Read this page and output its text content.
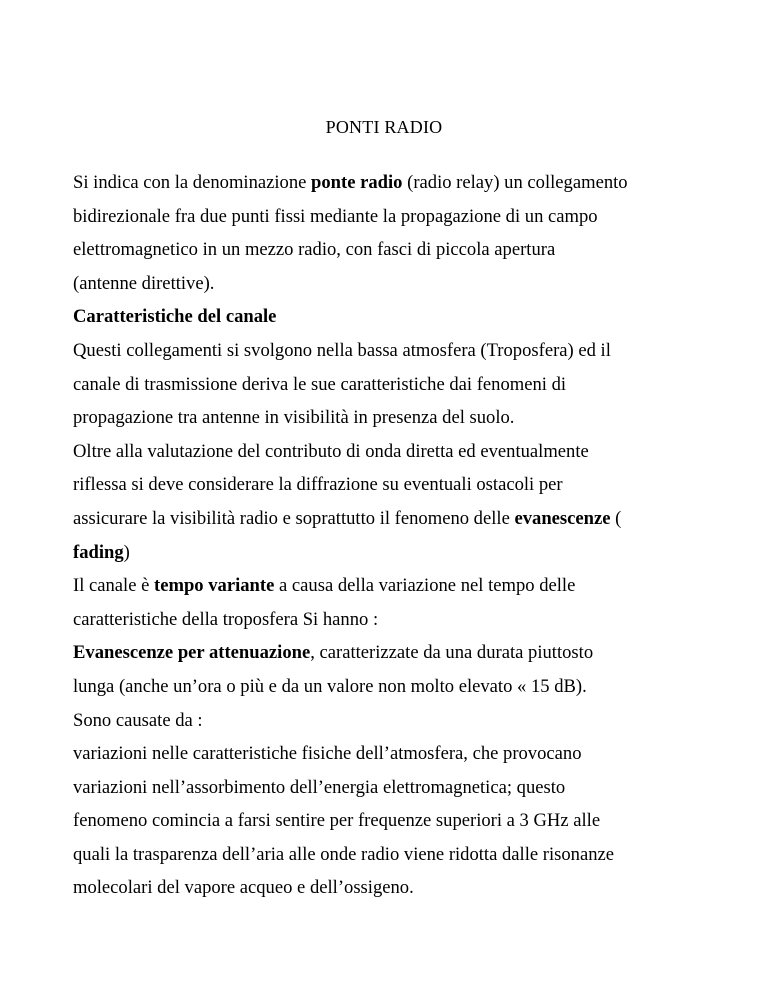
PONTI RADIO

Si indica con la denominazione ponte radio (radio relay) un collegamento
bidirezionale fra due punti fissi mediante la propagazione di un campo
elettromagnetico in un mezzo radio, con fasci di piccola apertura
(antenne direttive).

Caratteristiche del canale

Questi collegamenti si svolgono nella bassa atmosfera (Troposfera) ed il
canale di trasmissione deriva le sue caratteristiche dai fenomeni di
propagazione tra antenne in visibilità in presenza del suolo.

Oltre alla valutazione del contributo di onda diretta ed eventualmente
riflessa si deve considerare la diffrazione su eventuali ostacoli per
assicurare la visibilità radio e soprattutto il fenomeno delle evanescenze (
fading)

Il canale è tempo variante a causa della variazione nel tempo delle
caratteristiche della troposfera Si hanno :

Evanescenze per attenuazione, caratterizzate da una durata piuttosto
lunga (anche un’ora o più e da un valore non molto elevato « 15 dB).
Sono causate da :

variazioni nelle caratteristiche fisiche dell’atmosfera, che provocano
variazioni nell’assorbimento dell’energia elettromagnetica; questo
fenomeno comincia a farsi sentire per frequenze superiori a 3 GHz alle
quali la trasparenza dell’aria alle onde radio viene ridotta dalle risonanze
molecolari del vapore acqueo e dell’ossigeno.
